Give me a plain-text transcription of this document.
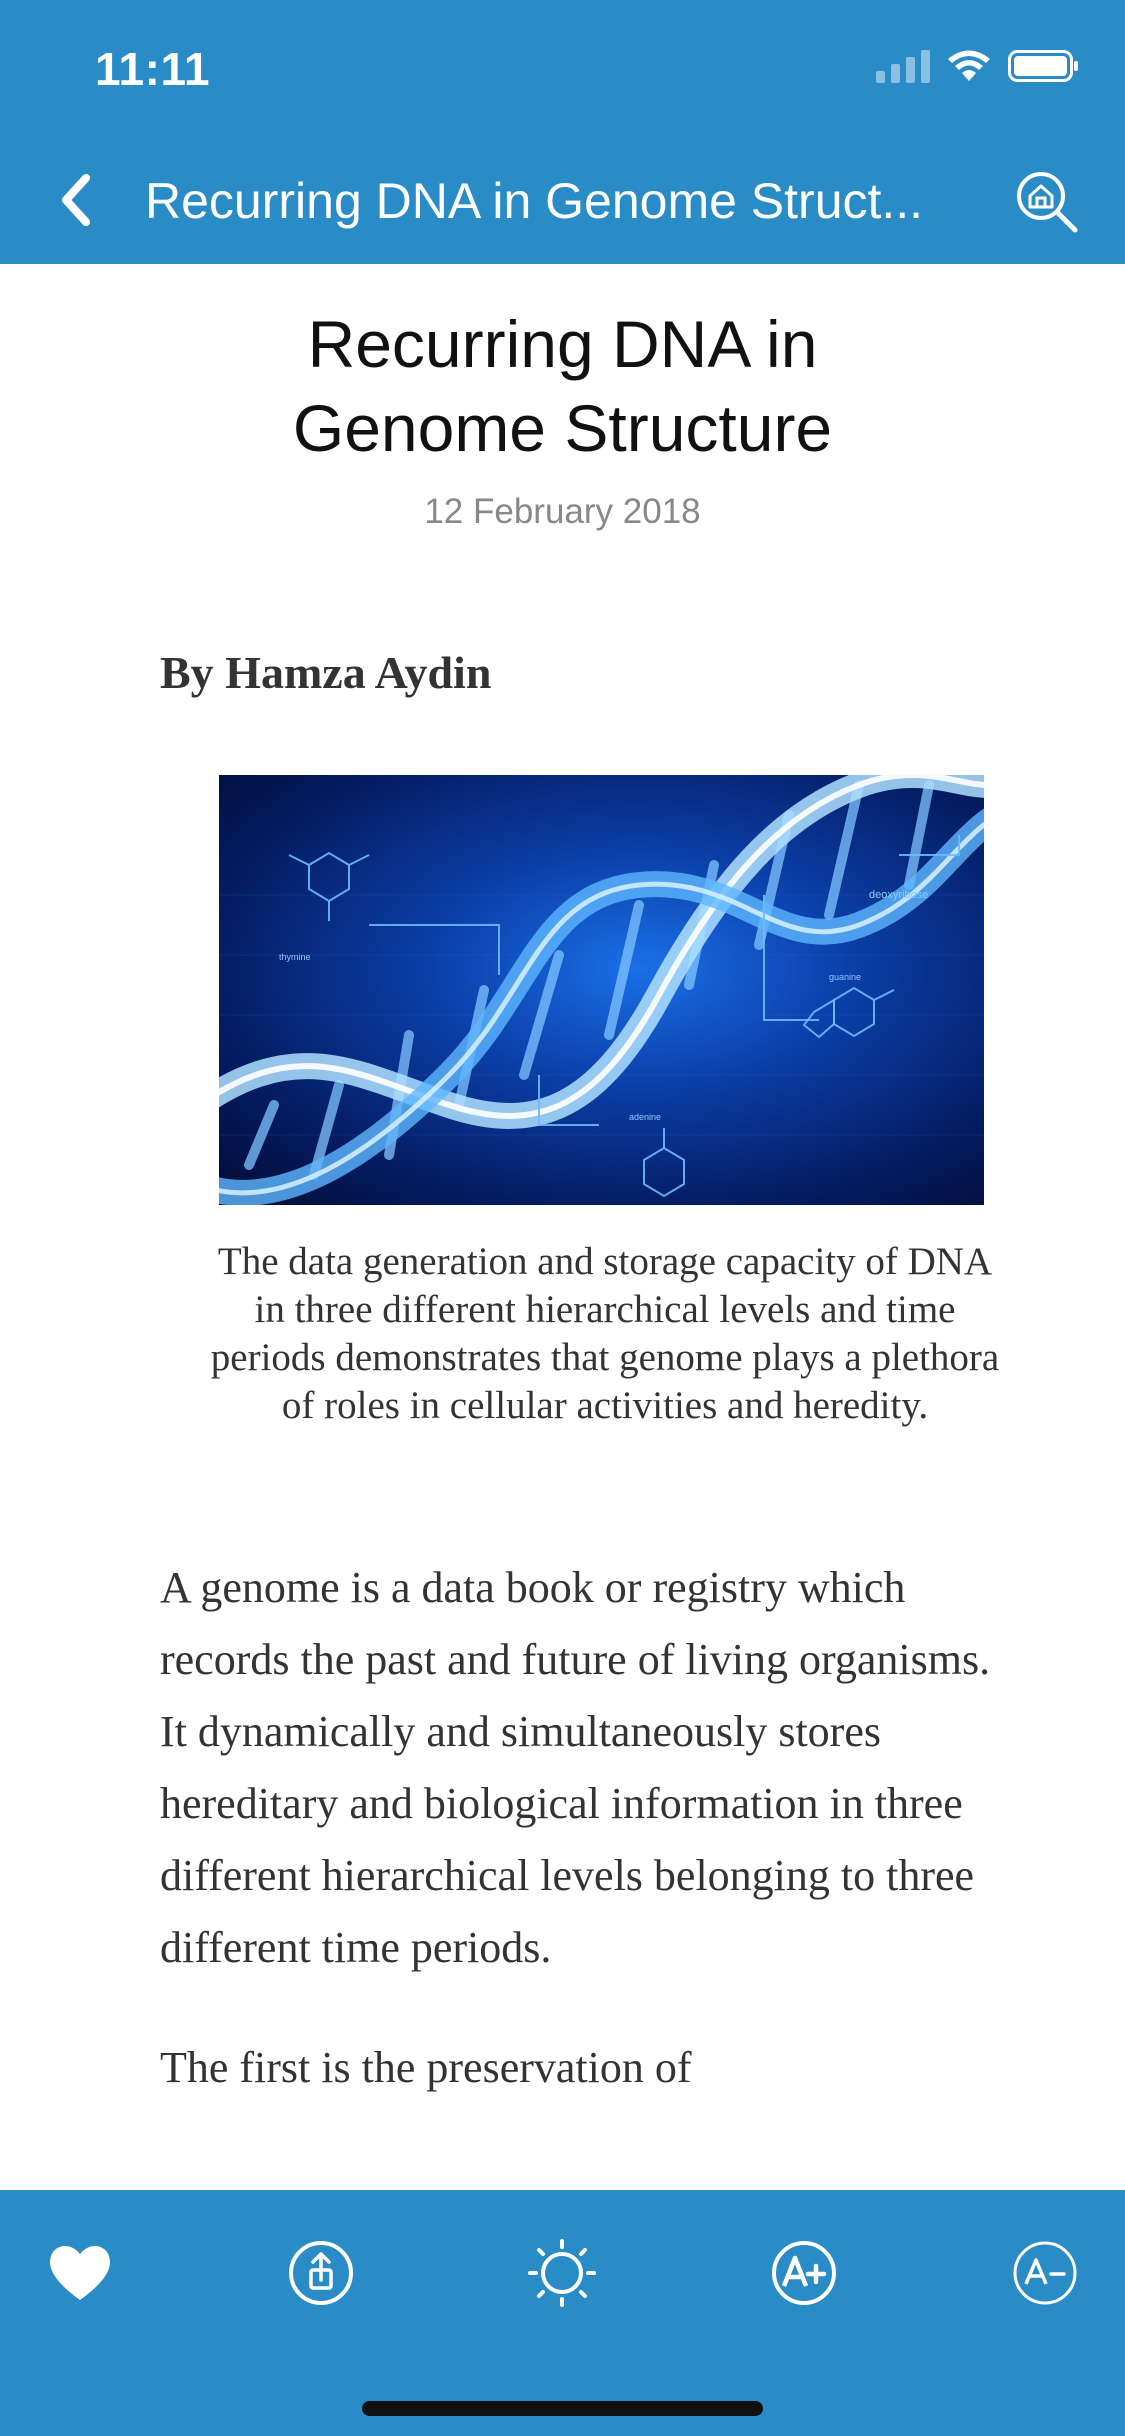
11:11
Recurring DNA in Genome Struct...
Recurring DNA in
Genome Structure
12 February 2018
By Hamza Aydin
thymine
deoxyribose
guanine
adenine
The data generation and storage capacity of DNA in three different hierarchical levels and time periods demonstrates that genome plays a plethora of roles in cellular activities and heredity.

A genome is a data book or registry which records the past and future of living organisms. It dynamically and simultaneously stores hereditary and biological information in three different hierarchical levels belonging to three different time periods.

The first is the preservation of
